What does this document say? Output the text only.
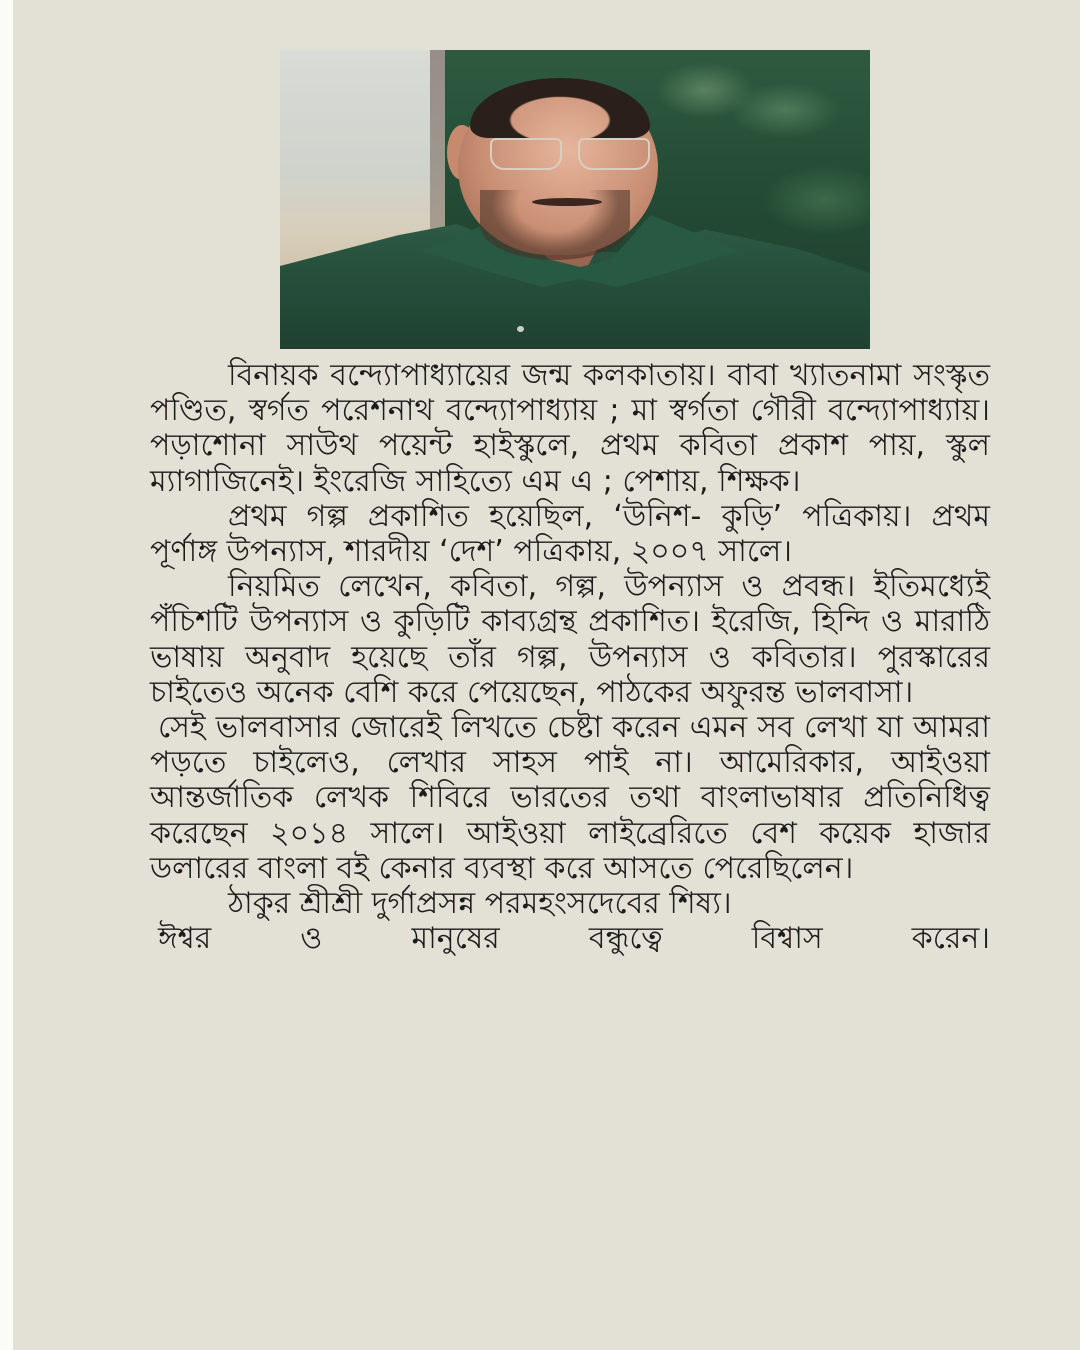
বিনায়ক বন্দ্যোপাধ্যায়ের জন্ম কলকাতায়। বাবা খ্যাতনামা সংস্কৃত পণ্ডিত, স্বর্গত পরেশনাথ বন্দ্যোপাধ্যায় ; মা স্বর্গতা গৌরী বন্দ্যোপাধ্যায়। পড়াশোনা সাউথ পয়েন্ট হাইস্কুলে, প্রথম কবিতা প্রকাশ পায়, স্কুল ম্যাগাজিনেই। ইংরেজি সাহিত্যে এম এ ; পেশায়, শিক্ষক।

প্রথম গল্প প্রকাশিত হয়েছিল, ‘উনিশ- কুড়ি’ পত্রিকায়। প্রথম পূর্ণাঙ্গ উপন্যাস, শারদীয় ‘দেশ’ পত্রিকায়, ২০০৭ সালে।

নিয়মিত লেখেন, কবিতা, গল্প, উপন্যাস ও প্রবন্ধ। ইতিমধ্যেই পঁচিশটি উপন্যাস ও কুড়িটি কাব্যগ্রন্থ প্রকাশিত। ইরেজি, হিন্দি ও মারাঠি ভাষায় অনুবাদ হয়েছে তাঁর গল্প, উপন্যাস ও কবিতার। পুরস্কারের চাইতেও অনেক বেশি করে পেয়েছেন, পাঠকের অফুরন্ত ভালবাসা।

সেই ভালবাসার জোরেই লিখতে চেষ্টা করেন এমন সব লেখা যা আমরা পড়তে চাইলেও, লেখার সাহস পাই না। আমেরিকার, আইওয়া আন্তর্জাতিক লেখক শিবিরে ভারতের তথা বাংলাভাষার প্রতিনিধিত্ব করেছেন ২০১৪ সালে। আইওয়া লাইব্রেরিতে বেশ কয়েক হাজার ডলারের বাংলা বই কেনার ব্যবস্থা করে আসতে পেরেছিলেন।

ঠাকুর শ্রীশ্রী দুর্গাপ্রসন্ন পরমহংসদেবের শিষ্য।

ঈশ্বর ও মানুষের বন্ধুত্বে বিশ্বাস করেন।
